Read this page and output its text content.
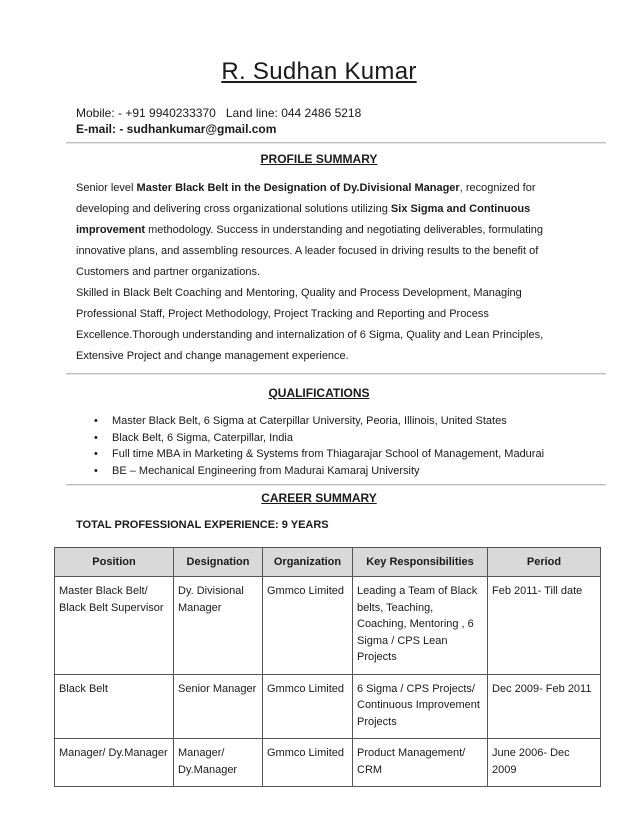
R. Sudhan Kumar
Mobile: - +91 9940233370 Land line: 044 2486 5218
E-mail: - sudhankumar@gmail.com
PROFILE SUMMARY

Senior level Master Black Belt in the Designation of Dy.Divisional Manager, recognized for developing and delivering cross organizational solutions utilizing Six Sigma and Continuous improvement methodology. Success in understanding and negotiating deliverables, formulating innovative plans, and assembling resources. A leader focused in driving results to the benefit of Customers and partner organizations.

Skilled in Black Belt Coaching and Mentoring, Quality and Process Development, Managing Professional Staff, Project Methodology, Project Tracking and Reporting and Process Excellence.Thorough understanding and internalization of 6 Sigma, Quality and Lean Principles, Extensive Project and change management experience.

QUALIFICATIONS
• Master Black Belt, 6 Sigma at Caterpillar University, Peoria, Illinois, United States
• Black Belt, 6 Sigma, Caterpillar, India
• Full time MBA in Marketing & Systems from Thiagarajar School of Management, Madurai
• BE – Mechanical Engineering from Madurai Kamaraj University
CAREER SUMMARY
TOTAL PROFESSIONAL EXPERIENCE: 9 YEARS
Position	Designation	Organization	Key Responsibilities	Period
Master Black Belt/ Black Belt Supervisor	Dy. Divisional Manager	Gmmco Limited	Leading a Team of Black belts, Teaching, Coaching, Mentoring , 6 Sigma / CPS Lean Projects	Feb 2011- Till date
Black Belt	Senior Manager	Gmmco Limited	6 Sigma / CPS Projects/ Continuous Improvement Projects	Dec 2009- Feb 2011
Manager/ Dy.Manager	Manager/ Dy.Manager	Gmmco Limited	Product Management/ CRM	June 2006- Dec 2009
